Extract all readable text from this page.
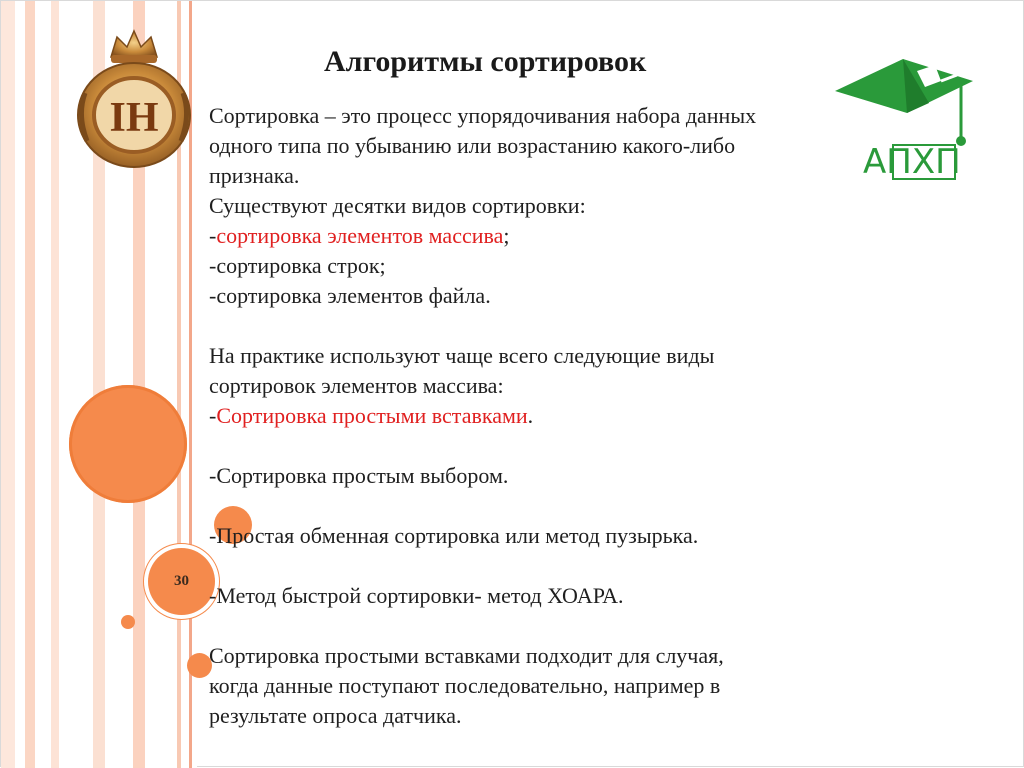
30
ІН
АПХП
Алгоритмы сортировок

Сортировка – это процесс упорядочивания набора данных

одного типа по убыванию или возрастанию какого-либо

признака.

Существуют десятки видов сортировки:

-сортировка элементов массива;

-сортировка строк;

-сортировка элементов файла.

На практике используют чаще всего следующие виды

сортировок элементов массива:

-Сортировка простыми вставками.

-Сортировка простым выбором.

-Простая обменная сортировка или метод пузырька.

-Метод быстрой сортировки- метод ХОАРА.

Сортировка простыми вставками подходит для случая,

когда данные поступают последовательно, например в

результате опроса датчика.
